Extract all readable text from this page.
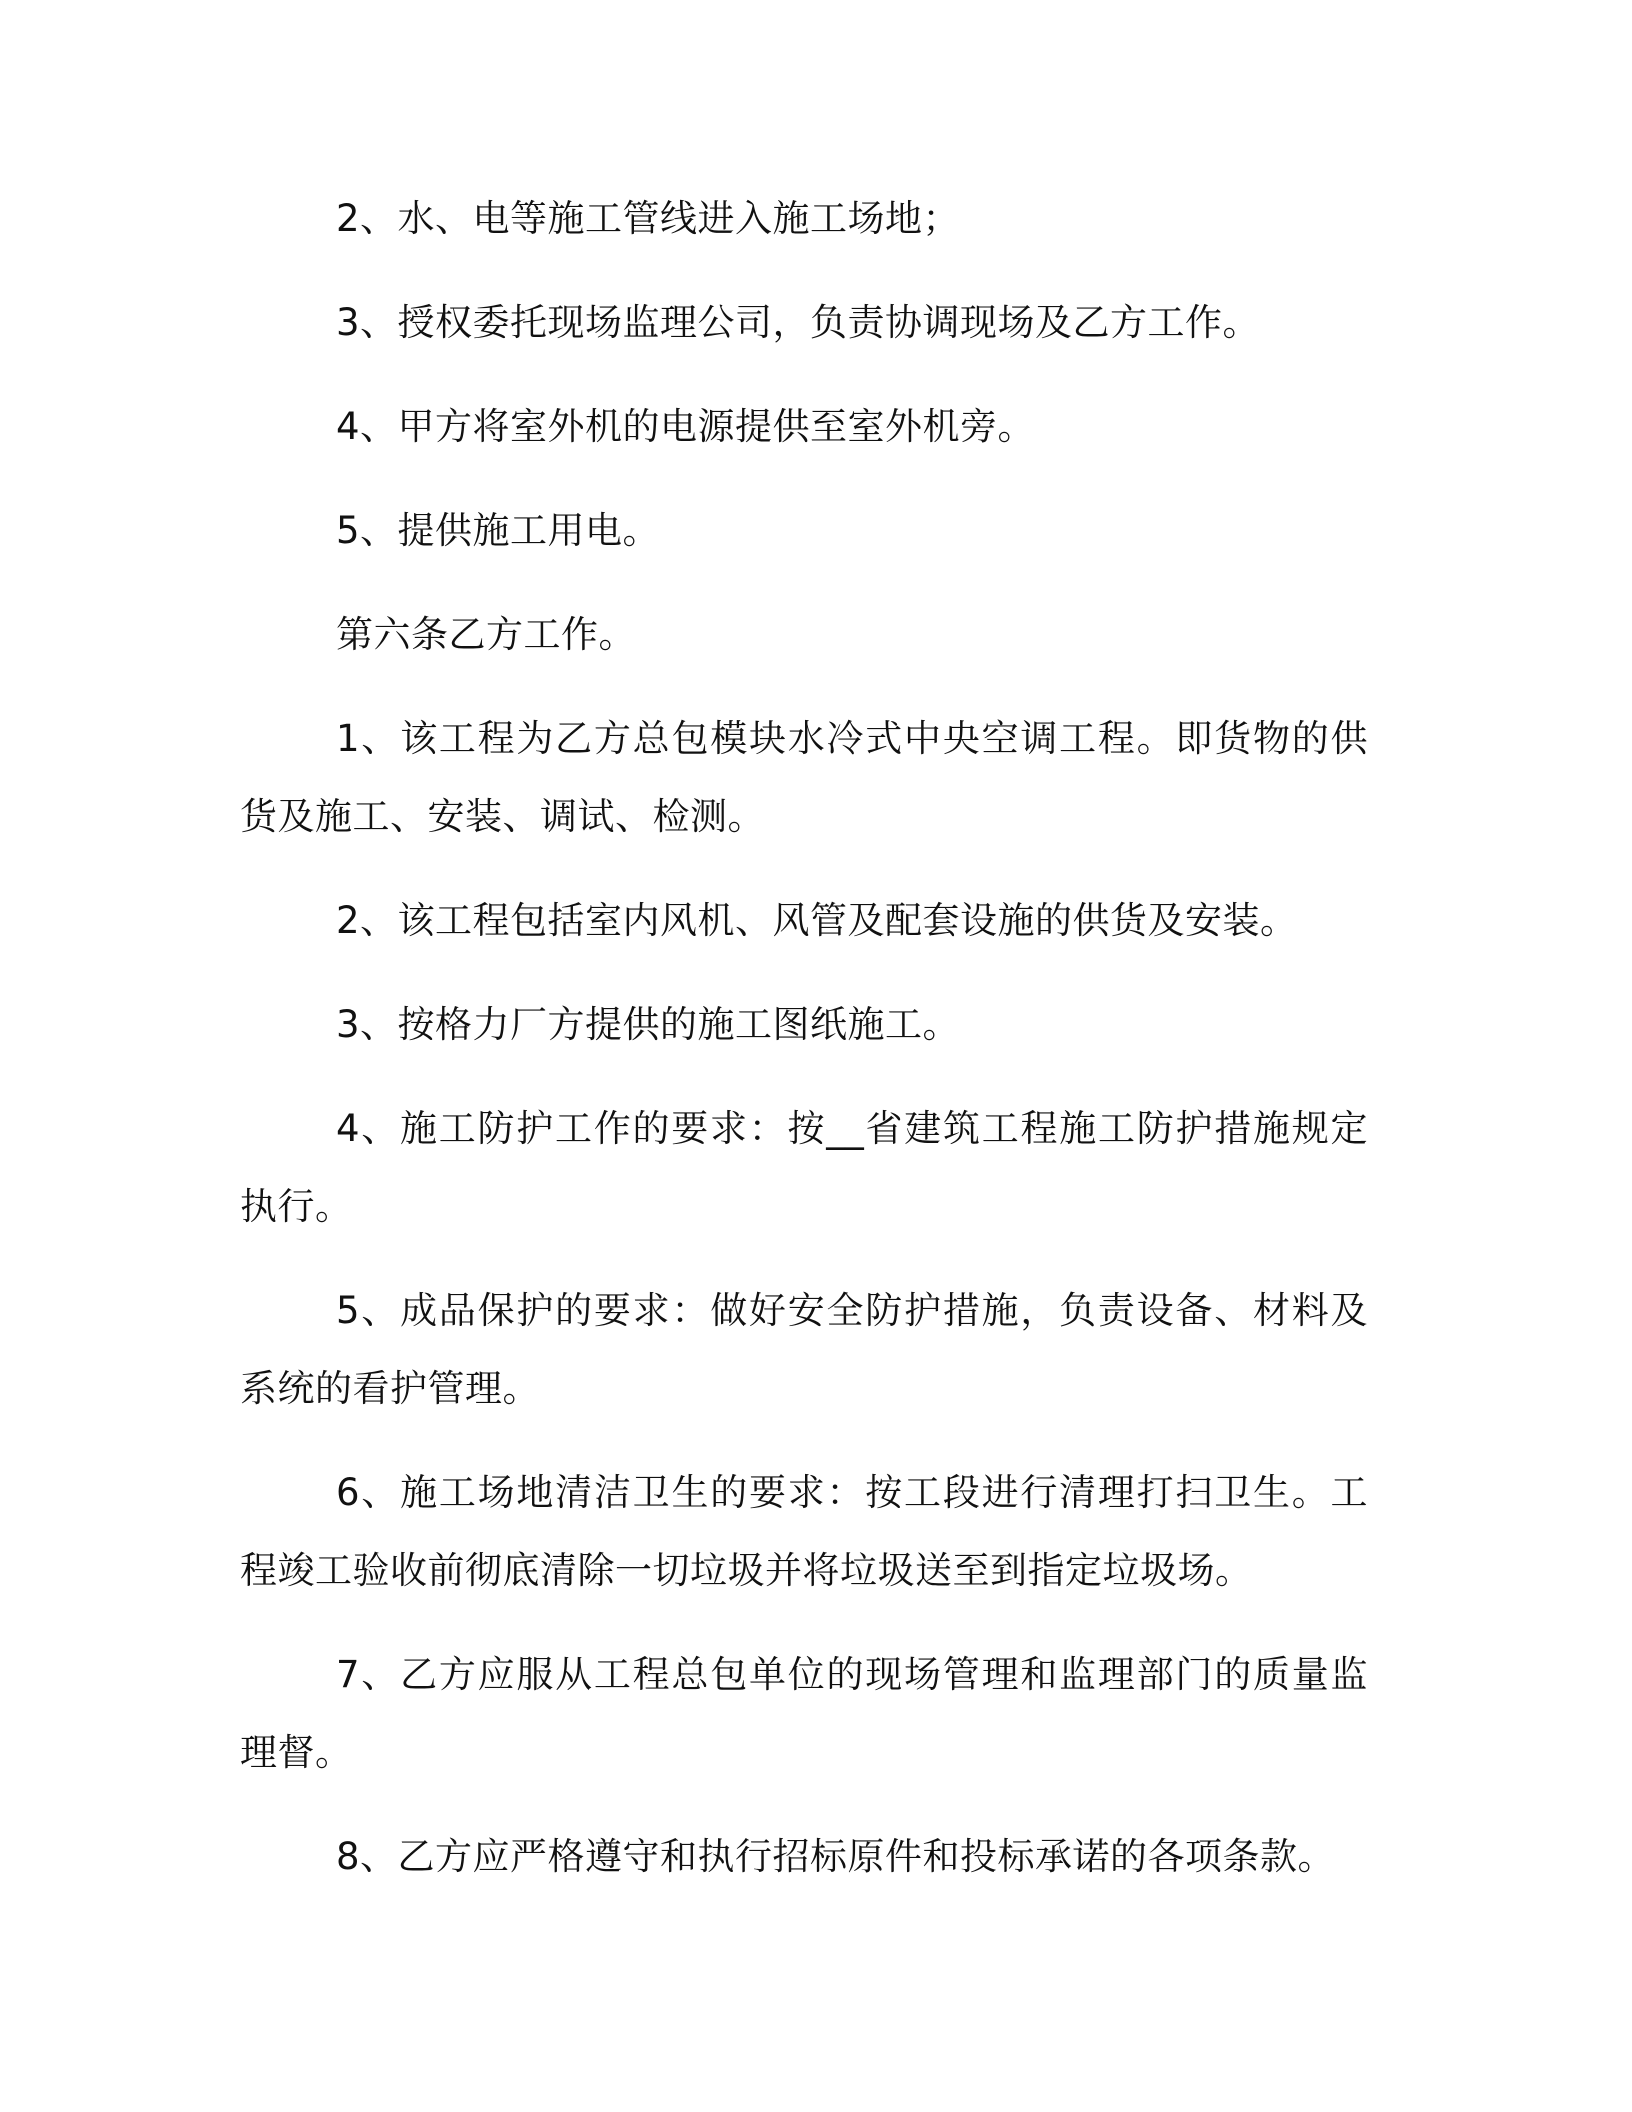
2、水、电等施工管线进入施工场地；

3、授权委托现场监理公司，负责协调现场及乙方工作。

4、甲方将室外机的电源提供至室外机旁。

5、提供施工用电。

第六条乙方工作。

1、该工程为乙方总包模块水冷式中央空调工程。即货物的供货及施工、安装、调试、检测。

2、该工程包括室内风机、风管及配套设施的供货及安装。

3、按格力厂方提供的施工图纸施工。

4、施工防护工作的要求：按__省建筑工程施工防护措施规定执行。

5、成品保护的要求：做好安全防护措施，负责设备、材料及系统的看护管理。

6、施工场地清洁卫生的要求：按工段进行清理打扫卫生。工程竣工验收前彻底清除一切垃圾并将垃圾送至到指定垃圾场。

7、乙方应服从工程总包单位的现场管理和监理部门的质量监理督。

8、乙方应严格遵守和执行招标原件和投标承诺的各项条款。
